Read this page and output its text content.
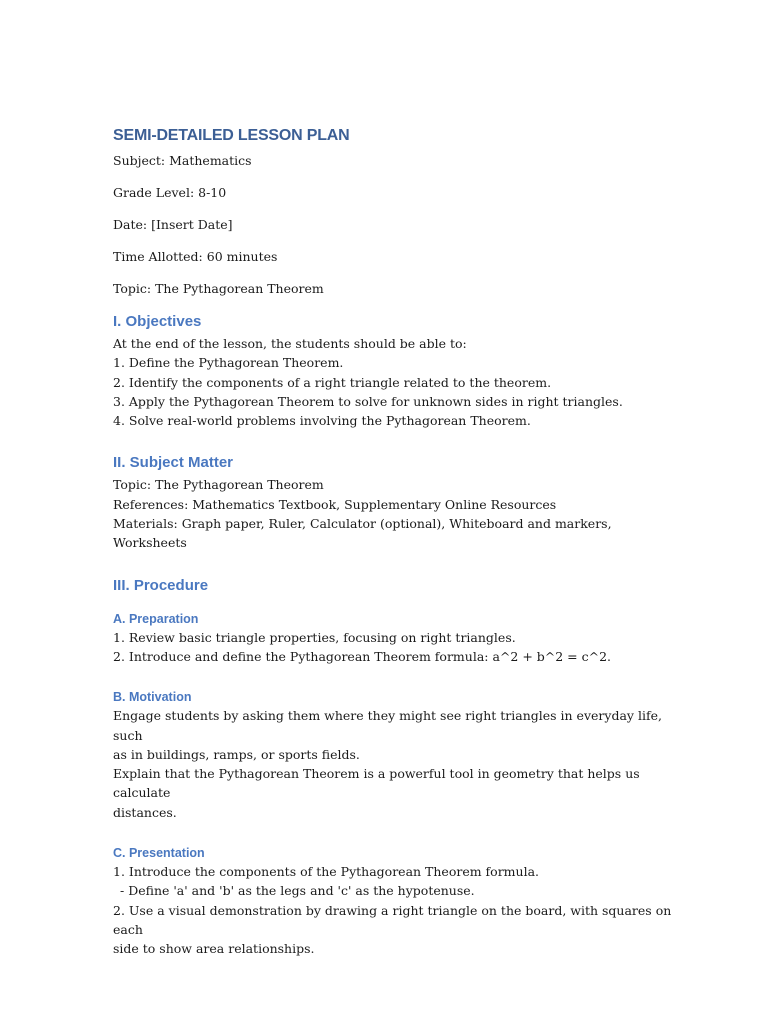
SEMI-DETAILED LESSON PLAN

Subject: Mathematics

Grade Level: 8-10

Date: [Insert Date]

Time Allotted: 60 minutes

Topic: The Pythagorean Theorem

I. Objectives

At the end of the lesson, the students should be able to:

1. Define the Pythagorean Theorem.

2. Identify the components of a right triangle related to the theorem.

3. Apply the Pythagorean Theorem to solve for unknown sides in right triangles.

4. Solve real-world problems involving the Pythagorean Theorem.

II. Subject Matter

Topic: The Pythagorean Theorem

References: Mathematics Textbook, Supplementary Online Resources

Materials: Graph paper, Ruler, Calculator (optional), Whiteboard and markers, Worksheets

III. Procedure
A. Preparation

1. Review basic triangle properties, focusing on right triangles.

2. Introduce and define the Pythagorean Theorem formula: a^2 + b^2 = c^2.

B. Motivation

Engage students by asking them where they might see right triangles in everyday life, such

as in buildings, ramps, or sports fields.

Explain that the Pythagorean Theorem is a powerful tool in geometry that helps us calculate

distances.

C. Presentation

1. Introduce the components of the Pythagorean Theorem formula.

- Define 'a' and 'b' as the legs and 'c' as the hypotenuse.

2. Use a visual demonstration by drawing a right triangle on the board, with squares on each

side to show area relationships.
